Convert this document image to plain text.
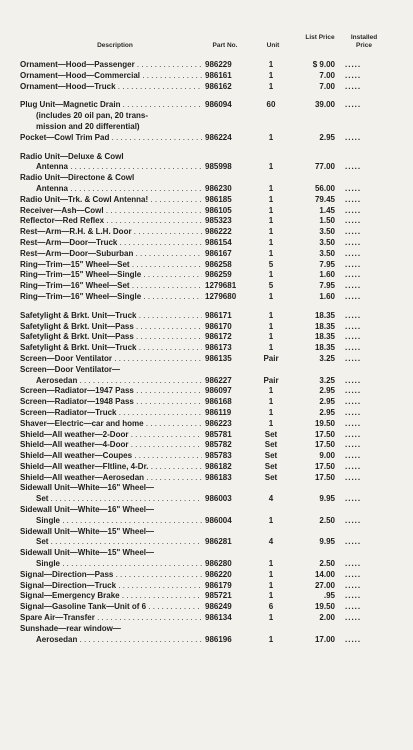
Description	Part No.	Unit
List Price	Installed Price
Ornament—Hood—Passenger . . .	986229	1	$ 9.00 .....
Ornament—Hood—Commercial . . .	986161	1	7.00 .....
Ornament—Hood—Truck . . .	986162	1	7.00 .....
Plug Unit—Magnetic Drain . . .	986094	60	39.00 .....
(includes 20 oil pan, 20 trans-
mission and 20 differential)
Pocket—Cowl Trim Pad . . .	986224	1	2.95 .....
Radio Unit—Deluxe & Cowl
Antenna . . .	985998	1	77.00 .....
Radio Unit—Directone & Cowl
Antenna . . .	986230	1	56.00 .....
Radio Unit—Trk. & Cowl Antenna! . . .	986185	1	79.45 .....
Receiver—Ash—Cowl . . .	986105	1	1.45 .....
Reflector—Red Reflex . . .	985323	1	1.50 .....
Rest—Arm—R.H. & L.H. Door . . .	986222	1	3.50 .....
Rest—Arm—Door—Truck . . .	986154	1	3.50 .....
Rest—Arm—Door—Suburban . . .	986167	1	3.50 .....
Ring—Trim—15" Wheel—Set . . .	986258	5	7.95 .....
Ring—Trim—15" Wheel—Single . . .	986259	1	1.60 .....
Ring—Trim—16" Wheel—Set . . .	1279681	5	7.95 .....
Ring—Trim—16" Wheel—Single . . .	1279680	1	1.60 .....
Safetylight & Brkt. Unit—Truck . . .	986171	1	18.35 .....
Safetylight & Brkt. Unit—Pass . . .	986170	1	18.35 .....
Safetylight & Brkt. Unit—Pass . . .	986172	1	18.35 .....
Safetylight & Brkt. Unit—Truck . . .	986173	1	18.35 .....
Screen—Door Ventilator . . .	986135	Pair	3.25 .....
Screen—Door Ventilator—
Aerosedan . . .	986227	Pair	3.25 .....
Screen—Radiator—1947 Pass . . .	986097	1	2.95 .....
Screen—Radiator—1948 Pass . . .	986168	1	2.95 .....
Screen—Radiator—Truck . . .	986119	1	2.95 .....
Shaver—Electric—car and home . . .	986223	1	19.50 .....
Shield—All weather—2-Door . . .	985781	Set	17.50 .....
Shield—All weather—4-Door . . .	985782	Set	17.50 .....
Shield—All weather—Coupes . . .	985783	Set	9.00 .....
Shield—All weather—Fltline, 4-Dr. . . .	986182	Set	17.50 .....
Shield—All weather—Aerosedan . . .	986183	Set	17.50 .....
Sidewall Unit—White—16" Wheel—
Set . . .	986003	4	9.95 .....
Sidewall Unit—White—16" Wheel—
Single . . .	986004	1	2.50 .....
Sidewall Unit—White—15" Wheel—
Set . . .	986281	4	9.95 .....
Sidewall Unit—White—15" Wheel—
Single . . .	986280	1	2.50 .....
Signal—Direction—Pass . . .	986220	1	14.00 .....
Signal—Direction—Truck . . .	986179	1	27.00 .....
Signal—Emergency Brake . . .	985721	1	.95 .....
Signal—Gasoline Tank—Unit of 6 . . .	986249	6	19.50 .....
Spare Air—Transfer . . .	986134	1	2.00 .....
Sunshade—rear window—
Aerosedan . . .	986196	1	17.00 .....
